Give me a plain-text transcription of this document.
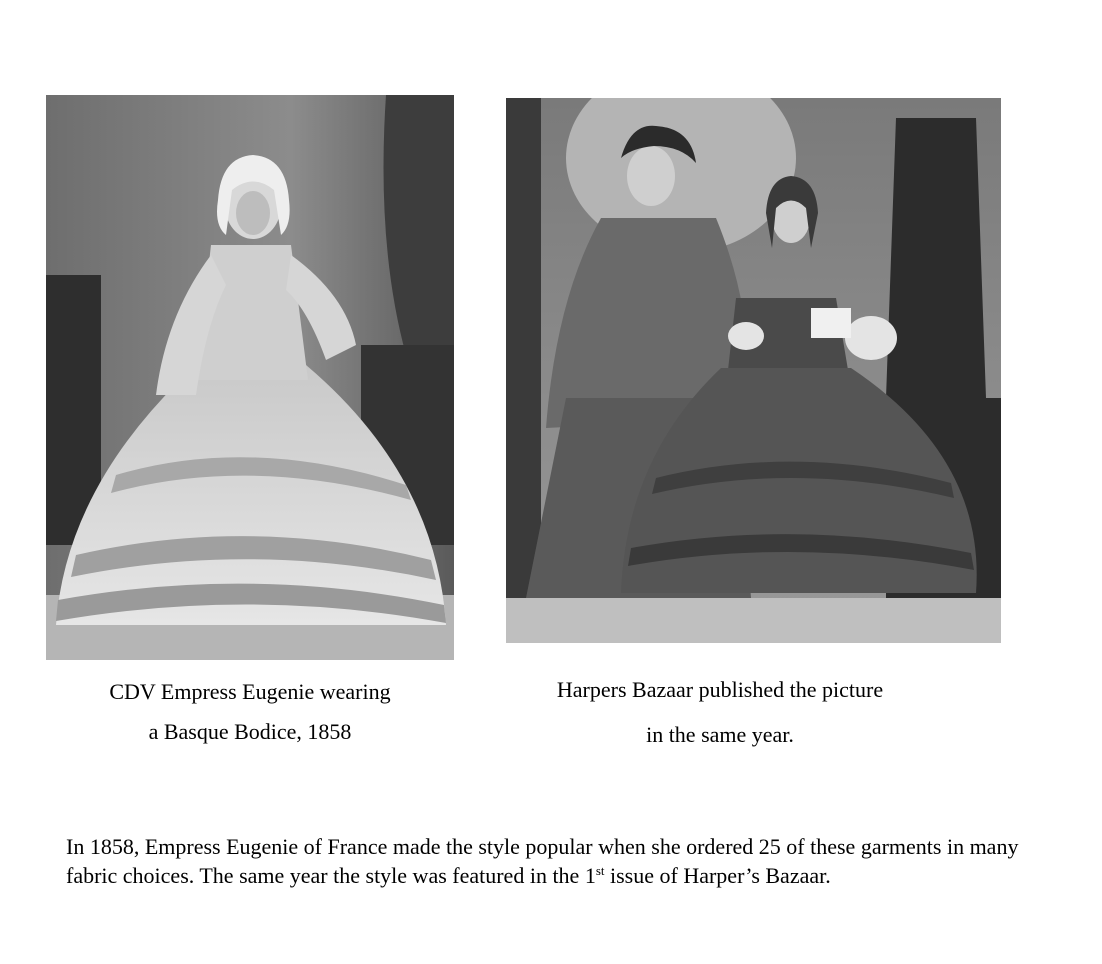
CDV Empress Eugenie wearing
a Basque Bodice, 1858
Harpers Bazaar published the picture
in the same year.

In 1858, Empress Eugenie of France made the style popular when she ordered 25 of these garments in many fabric choices. The same year the style was featured in the 1st issue of Harper’s Bazaar.
